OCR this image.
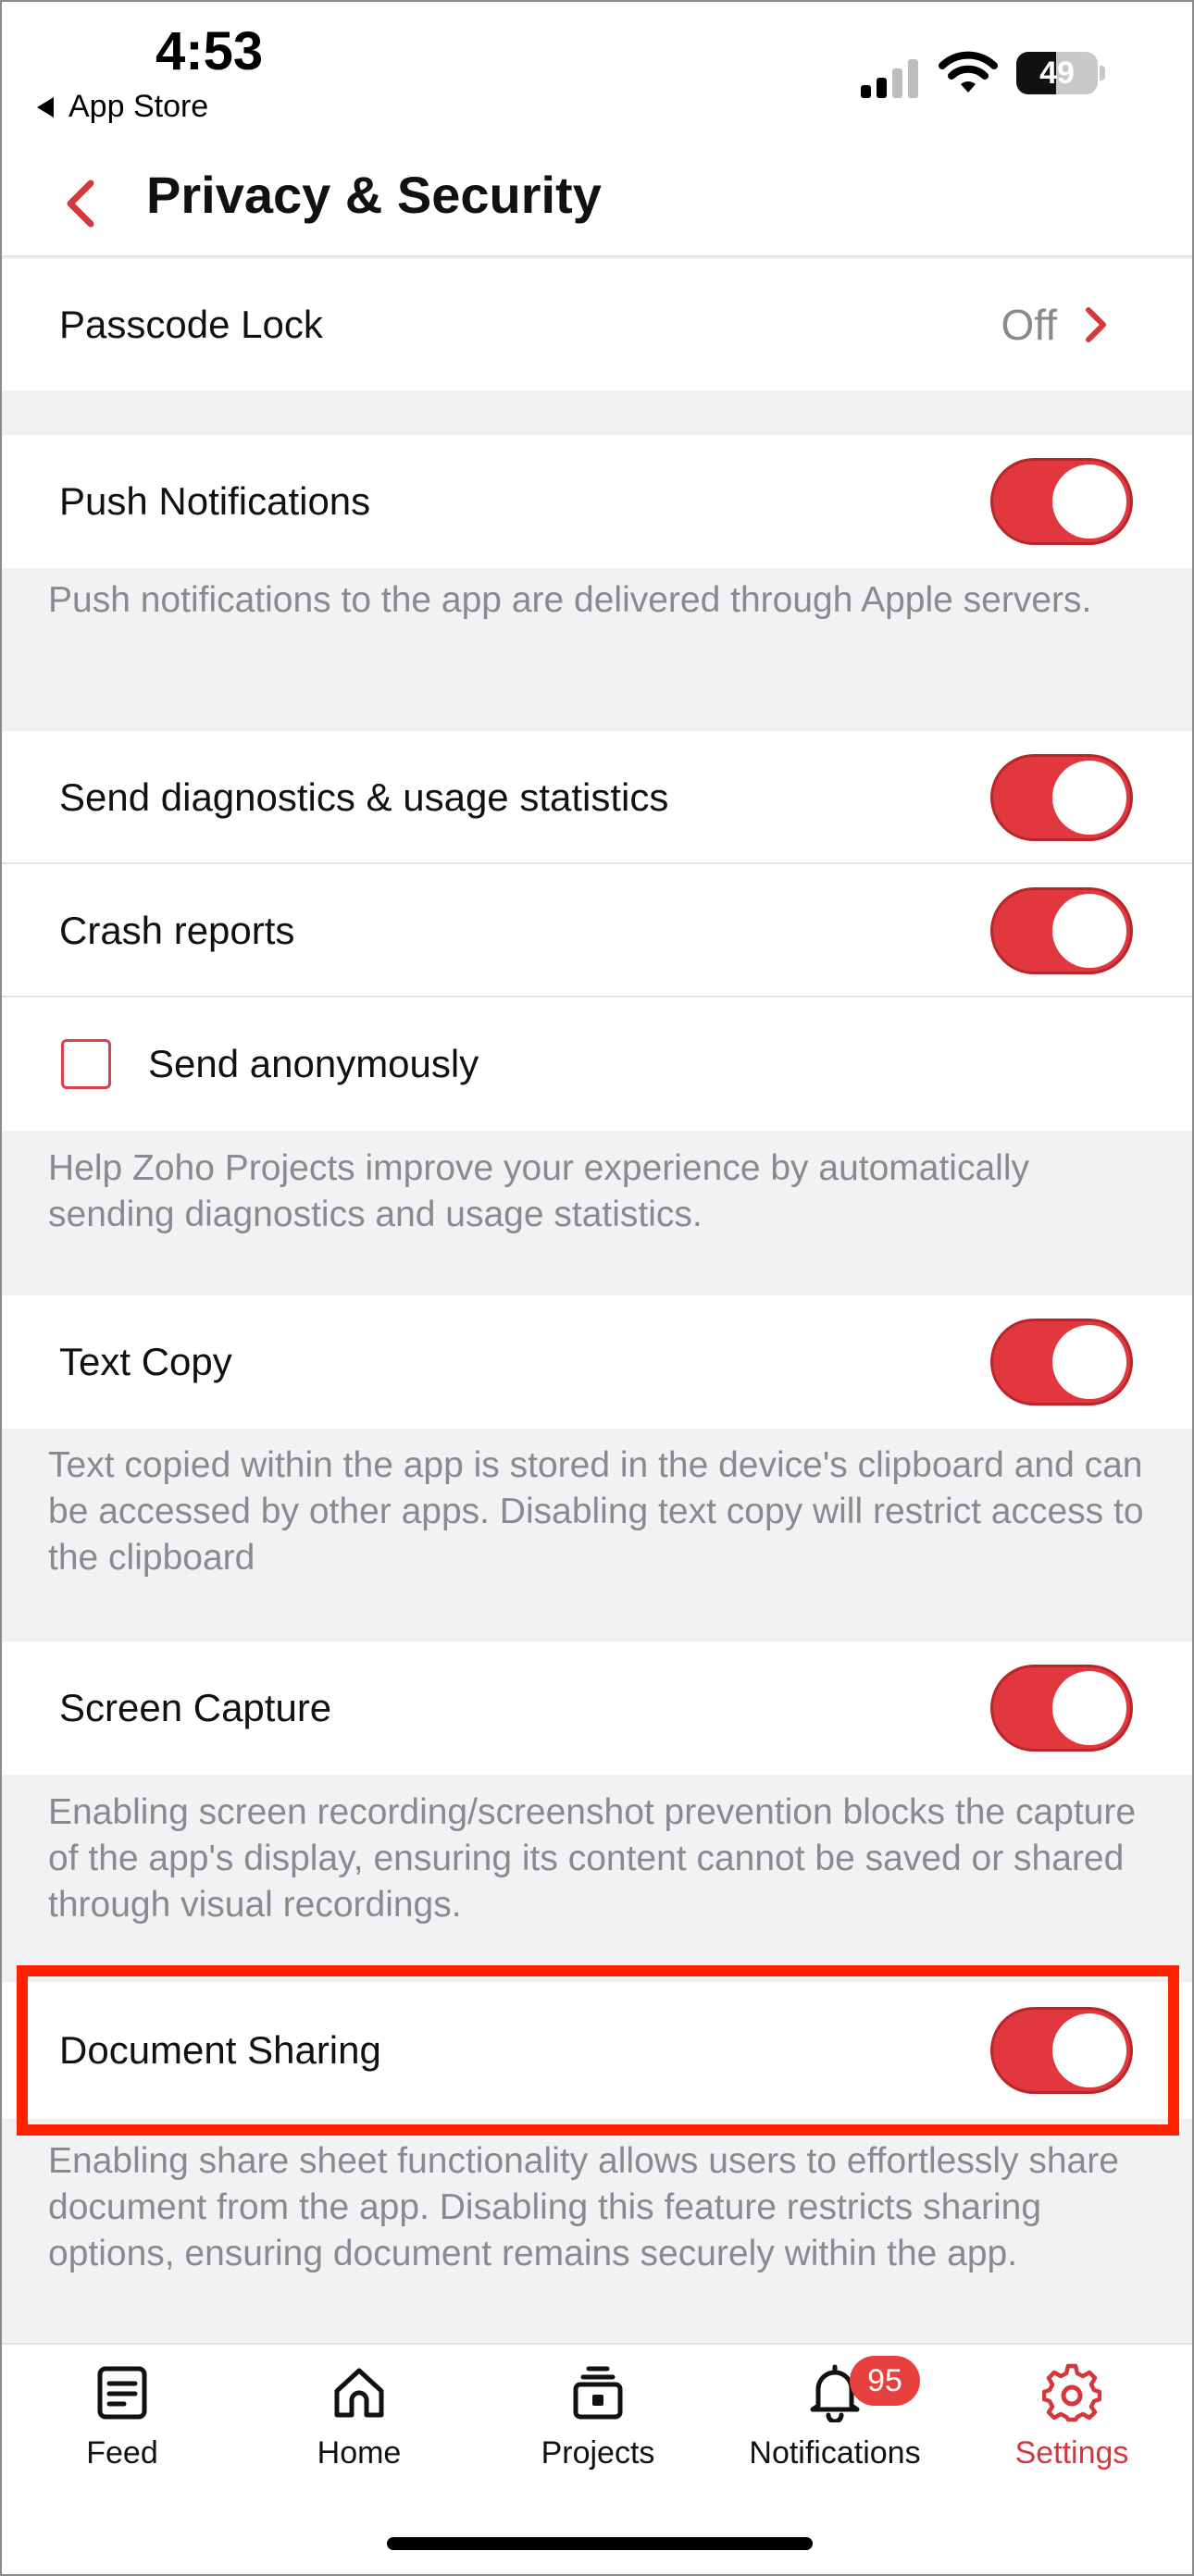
4:53
App Store
49
Privacy & Security
Passcode Lock	Off
Push Notifications
Push notifications to the app are delivered through Apple servers.
Send diagnostics & usage statistics
Crash reports
Send anonymously
Help Zoho Projects improve your experience by automatically sending diagnostics and usage statistics.
Text Copy
Text copied within the app is stored in the device's clipboard and can be accessed by other apps. Disabling text copy will restrict access to the clipboard
Screen Capture
Enabling screen recording/screenshot prevention blocks the capture of the app's display, ensuring its content cannot be saved or shared through visual recordings.
Document Sharing
Enabling share sheet functionality allows users to effortlessly share document from the app. Disabling this feature restricts sharing options, ensuring document remains securely within the app.
Feed	Home	Projects
95
Notifications	Settings
